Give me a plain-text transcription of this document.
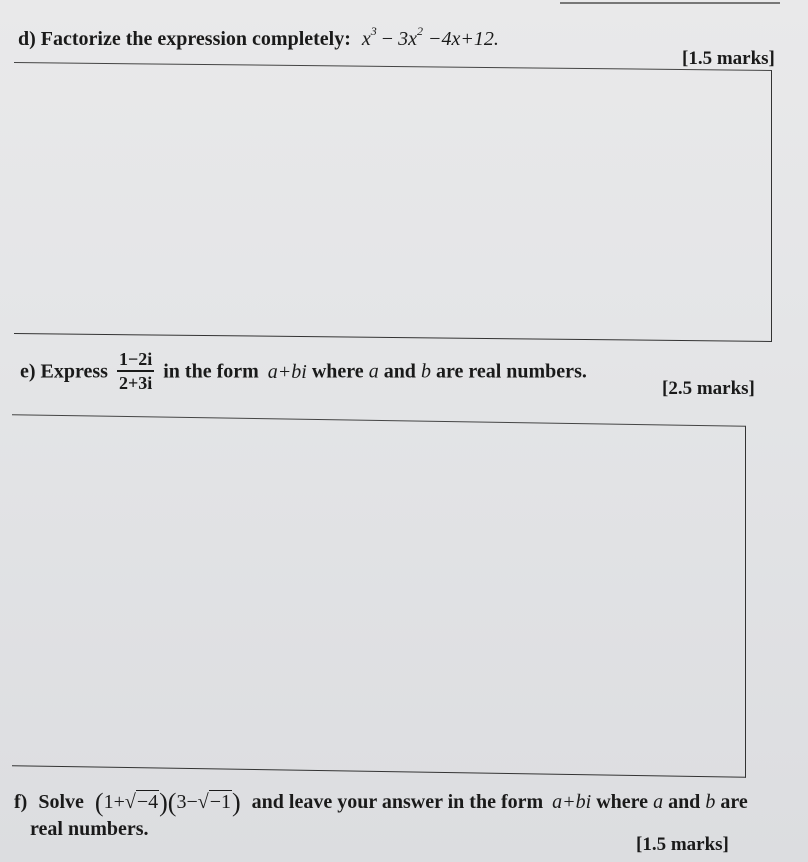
d) Factorize the expression completely: $x^3 - 3x^2 -4x+12$.
[1.5 marks]
e) Express $\frac{1-2i}{2+3i}$ in the form a+bi where a and b are real numbers.
[2.5 marks]
f) Solve (1+√−4)(3−√−1) and leave your answer in the form a+bi where a and b are
real numbers.
[1.5 marks]
